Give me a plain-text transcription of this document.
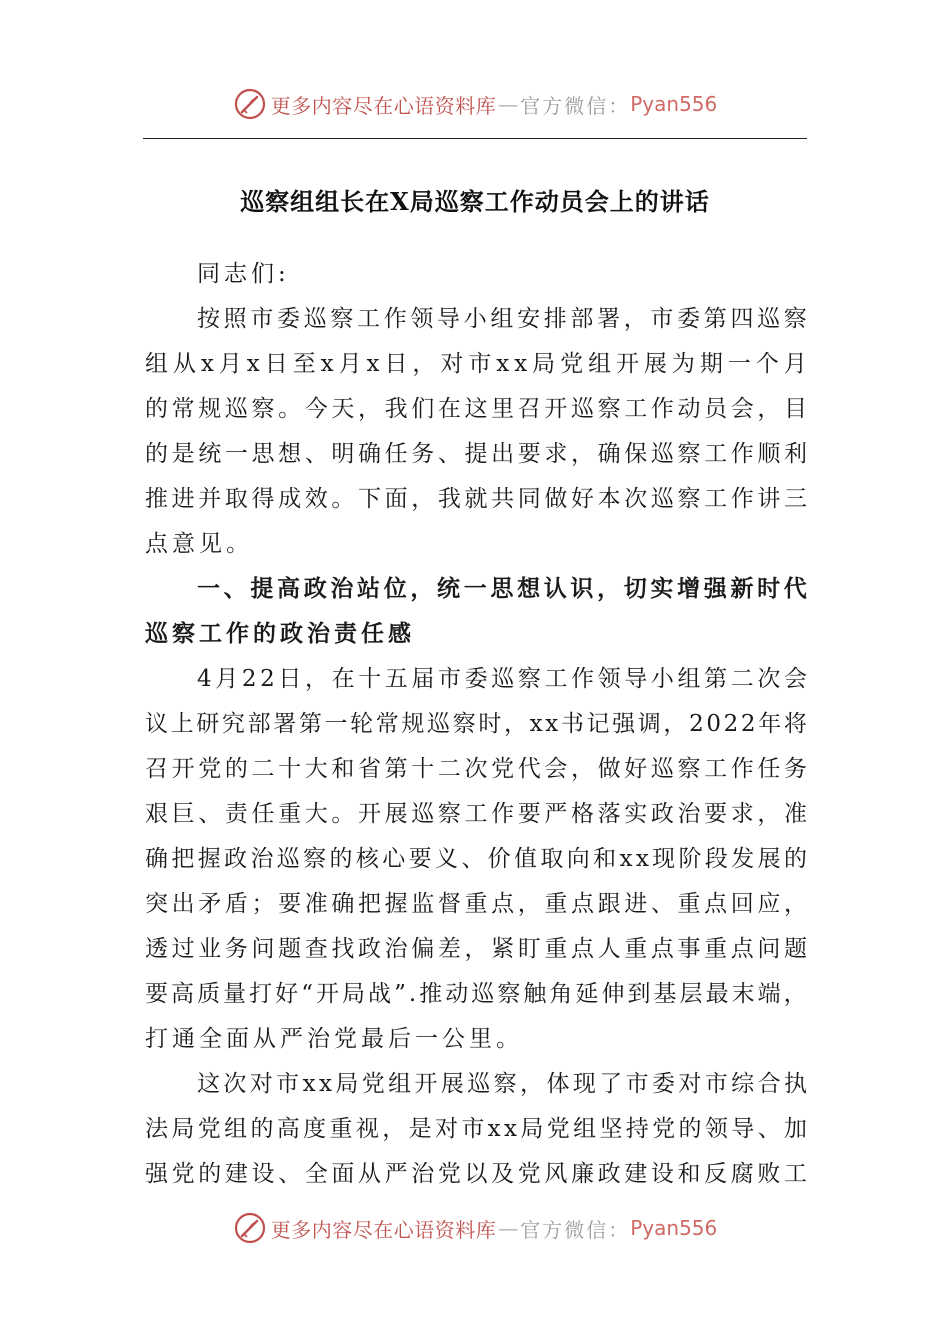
更多内容尽在心语资料库 — 官方微信： Pyan556
巡察组组长在X局巡察工作动员会上的讲话
同志们:
按 照 市 委 巡 察 工 作 领 导 小 组 安 排 部 署 ， 市 委 第 四 巡 察
组 从 x 月 x 日 至 x 月 x 日 ， 对 市 x x 局 党 组 开 展 为 期 一 个 月
的 常 规 巡 察 。 今 天 ， 我 们 在 这 里 召 开 巡 察 工 作 动 员 会 ， 目
的 是 统 一 思 想 、 明 确 任 务 、 提 出 要 求 ， 确 保 巡 察 工 作 顺 利
推 进 并 取 得 成 效 。 下 面 ， 我 就 共 同 做 好 本 次 巡 察 工 作 讲 三
点意见。
一 、 提 高 政 治 站 位 ， 统 一 思 想 认 识 ， 切 实 增 强 新 时 代
巡察工作的政治责任感
4 月 2 2 日 ， 在 十 五 届 市 委 巡 察 工 作 领 导 小 组 第 二 次 会
议 上 研 究 部 署 第 一 轮 常 规 巡 察 时 ， x x 书 记 强 调 ， 2 0 2 2 年 将
召 开 党 的 二 十 大 和 省 第 十 二 次 党 代 会 ， 做 好 巡 察 工 作 任 务
艰 巨 、 责 任 重 大 。 开 展 巡 察 工 作 要 严 格 落 实 政 治 要 求 ， 准
确 把 握 政 治 巡 察 的 核 心 要 义 、 价 值 取 向 和 x x 现 阶 段 发 展 的
突 出 矛 盾 ； 要 准 确 把 握 监 督 重 点 ， 重 点 跟 进 、 重 点 回 应 ，
透 过 业 务 问 题 查 找 政 治 偏 差 ， 紧 盯 重 点 人 重 点 事 重 点 问 题
要 高 质 量 打 好 “ 开 局 战 ” . 推 动 巡 察 触 角 延 伸 到 基 层 最 末 端 ，
打通全面从严治党最后一公里。
这 次 对 市 x x 局 党 组 开 展 巡 察 ， 体 现 了 市 委 对 市 综 合 执
法 局 党 组 的 高 度 重 视 ， 是 对 市 x x 局 党 组 坚 持 党 的 领 导 、 加
强 党 的 建 设 、 全 面 从 严 治 党 以 及 党 风 廉 政 建 设 和 反 腐 败 工
更多内容尽在心语资料库 — 官方微信： Pyan556
